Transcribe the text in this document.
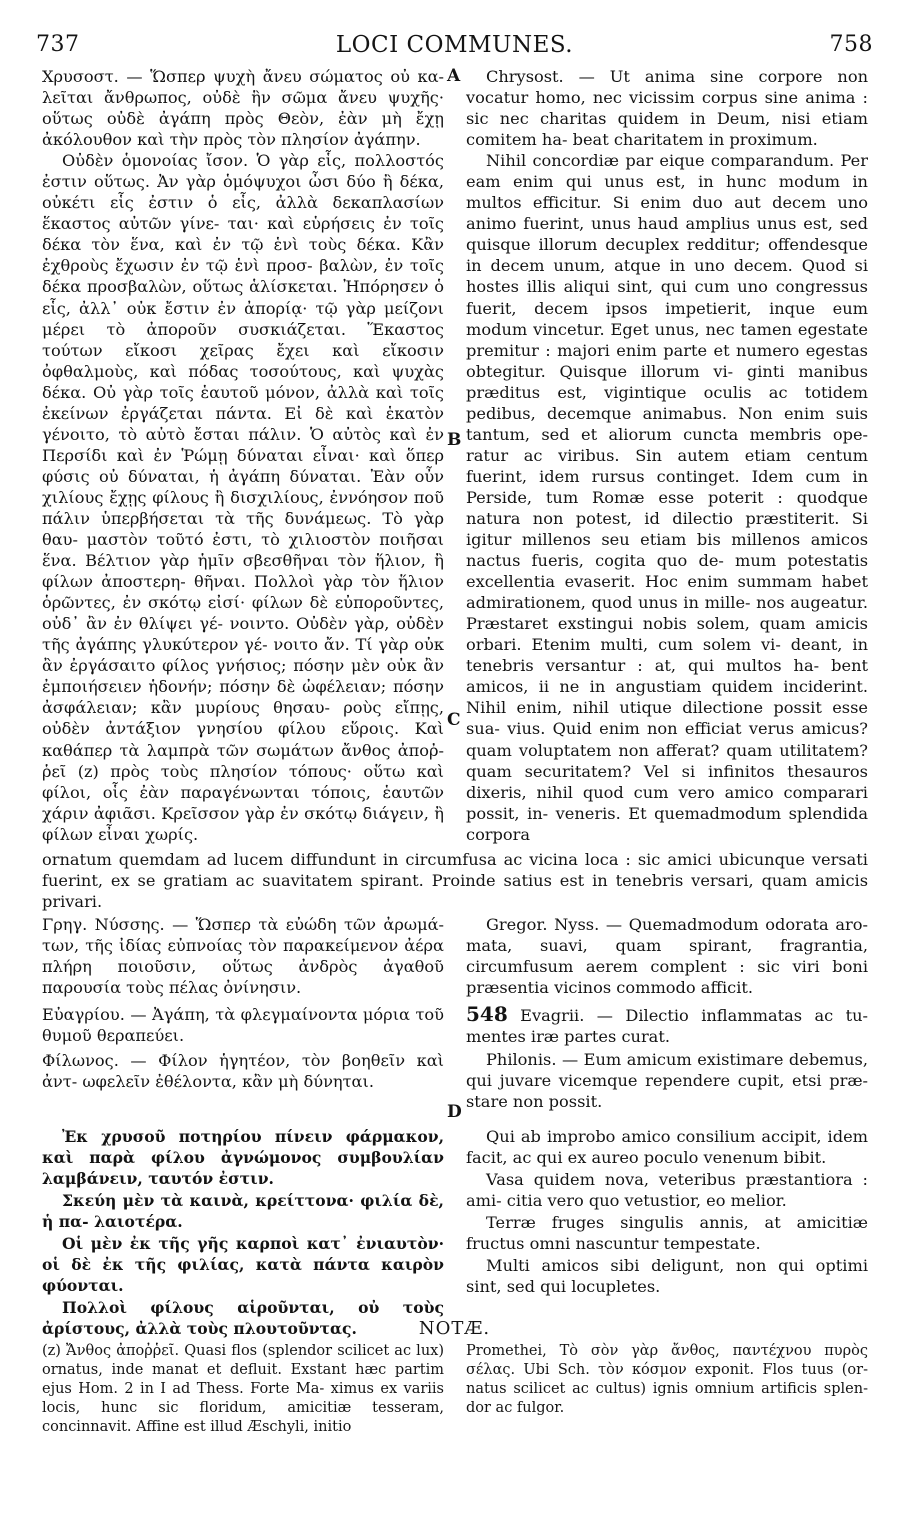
737	LOCI COMMUNES.	758

Χρυσοστ. — Ὥσπερ ψυχὴ ἄνευ σώματος οὐ κα- λεῖται ἄνθρωπος, οὐδὲ ἣν σῶμα ἄνευ ψυχῆς· οὕτως οὐδὲ ἀγάπη πρὸς Θεὸν, ἐὰν μὴ ἔχῃ ἀκόλουθον καὶ τὴν πρὸς τὸν πλησίον ἀγάπην.

Οὐδὲν ὁμονοίας ἴσον. Ὁ γὰρ εἷς, πολλοστός ἐστιν οὕτως. Ἀν γὰρ ὁμόψυχοι ὦσι δύο ἢ δέκα, οὐκέτι εἷς ἐστιν ὁ εἷς, ἀλλὰ δεκαπλασίων ἕκαστος αὐτῶν γίνε- ται· καὶ εὑρήσεις ἐν τοῖς δέκα τὸν ἕνα, καὶ ἐν τῷ ἑνὶ τοὺς δέκα. Κἂν ἐχθροὺς ἔχωσιν ἐν τῷ ἑνὶ προσ- βαλὼν, ἐν τοῖς δέκα προσβαλὼν, οὕτως ἁλίσκεται. Ἠπόρησεν ὁ εἷς, ἀλλ᾽ οὐκ ἔστιν ἐν ἀπορίᾳ· τῷ γὰρ μείζονι μέρει τὸ ἀποροῦν συσκιάζεται. Ἕκαστος τούτων εἴκοσι χεῖρας ἔχει καὶ εἴκοσιν ὀφθαλμοὺς, καὶ πόδας τοσούτους, καὶ ψυχὰς δέκα. Οὐ γὰρ τοῖς ἑαυτοῦ μόνον, ἀλλὰ καὶ τοῖς ἐκείνων ἐργάζεται πάντα. Εἰ δὲ καὶ ἑκατὸν γένοιτο, τὸ αὐτὸ ἔσται πάλιν. Ὁ αὐτὸς καὶ ἐν Περσίδι καὶ ἐν Ῥώμῃ δύναται εἶναι· καὶ ὅπερ φύσις οὐ δύναται, ἡ ἀγάπη δύναται. Ἐὰν οὖν χιλίους ἔχῃς φίλους ἢ δισχιλίους, ἐννόησον ποῦ πάλιν ὑπερβήσεται τὰ τῆς δυνάμεως. Τὸ γὰρ θαυ- μαστὸν τοῦτό ἐστι, τὸ χιλιοστὸν ποιῆσαι ἕνα. Βέλτιον γὰρ ἡμῖν σβεσθῆναι τὸν ἥλιον, ἢ φίλων ἀποστερη- θῆναι. Πολλοὶ γὰρ τὸν ἥλιον ὁρῶντες, ἐν σκότῳ εἰσί· φίλων δὲ εὐποροῦντες, οὐδ᾽ ἂν ἐν θλίψει γέ- νοιντο. Οὐδὲν γὰρ, οὐδὲν τῆς ἀγάπης γλυκύτερον γέ- νοιτο ἄν. Τί γὰρ οὐκ ἂν ἐργάσαιτο φίλος γνήσιος; πόσην μὲν οὐκ ἂν ἐμποιήσειεν ἡδονήν; πόσην δὲ ὠφέλειαν; πόσην ἀσφάλειαν; κἂν μυρίους θησαυ- ροὺς εἴπῃς, οὐδὲν ἀντάξιον γνησίου φίλου εὕροις. Καὶ καθάπερ τὰ λαμπρὰ τῶν σωμάτων ἄνθος ἀποῤ- ῥεῖ (z) πρὸς τοὺς πλησίον τόπους· οὕτω καὶ φίλοι, οἷς ἐὰν παραγένωνται τόποις, ἑαυτῶν χάριν ἀφιᾶσι. Κρεῖσσον γὰρ ἐν σκότῳ διάγειν, ἢ φίλων εἶναι χωρίς.

Chrysost. — Ut anima sine corpore non vocatur homo, nec vicissim corpus sine anima : sic nec charitas quidem in Deum, nisi etiam comitem ha- beat charitatem in proximum.

Nihil concordiæ par eique comparandum. Per eam enim qui unus est, in hunc modum in multos efficitur. Si enim duo aut decem uno animo fuerint, unus haud amplius unus est, sed quisque illorum decuplex redditur; offendesque in decem unum, atque in uno decem. Quod si hostes illis aliqui sint, qui cum uno congressus fuerit, decem ipsos impetierit, inque eum modum vincetur. Eget unus, nec tamen egestate premitur : majori enim parte et numero egestas obtegitur. Quisque illorum vi- ginti manibus præditus est, vigintique oculis ac totidem pedibus, decemque animabus. Non enim suis tantum, sed et aliorum cuncta membris ope- ratur ac viribus. Sin autem etiam centum fuerint, idem rursus continget. Idem cum in Perside, tum Romæ esse poterit : quodque natura non potest, id dilectio præstiterit. Si igitur millenos seu etiam bis millenos amicos nactus fueris, cogita quo de- mum potestatis excellentia evaserit. Hoc enim summam habet admirationem, quod unus in mille- nos augeatur. Præstaret exstingui nobis solem, quam amicis orbari. Etenim multi, cum solem vi- deant, in tenebris versantur : at, qui multos ha- bent amicos, ii ne in angustiam quidem inciderint. Nihil enim, nihil utique dilectione possit esse sua- vius. Quid enim non efficiat verus amicus? quam voluptatem non afferat? quam utilitatem? quam securitatem? Vel si infinitos thesauros dixeris, nihil quod cum vero amico comparari possit, in- veneris. Et quemadmodum splendida corpora

A
B
C
ornatum quemdam ad lucem diffundunt in circumfusa ac vicina loca : sic amici ubicunque versati fuerint, ex se gratiam ac suavitatem spirant. Proinde satius est in tenebris versari, quam amicis privari.

Γρηγ. Νύσσης. — Ὥσπερ τὰ εὐώδη τῶν ἀρωμά- των, τῆς ἰδίας εὐπνοίας τὸν παρακείμενον ἀέρα πλήρη ποιοῦσιν, οὕτως ἀνδρὸς ἀγαθοῦ παρουσία τοὺς πέλας ὀνίνησιν.

Εὐαγρίου. — Ἀγάπη, τὰ φλεγμαίνοντα μόρια τοῦ θυμοῦ θεραπεύει.

Φίλωνος. — Φίλον ἡγητέον, τὸν βοηθεῖν καὶ ἀντ- ωφελεῖν ἐθέλοντα, κἂν μὴ δύνηται.

Gregor. Nyss. — Quemadmodum odorata aro- mata, suavi, quam spirant, fragrantia, circumfusum aerem complent : sic viri boni præsentia vicinos commodo afficit.

548 Evagrii. — Dilectio inflammatas ac tu- mentes iræ partes curat.

Philonis. — Eum amicum existimare debemus, qui juvare vicemque rependere cupit, etsi præ- stare non possit.

D

Ἐκ χρυσοῦ ποτηρίου πίνειν φάρμακον, καὶ παρὰ φίλου ἀγνώμονος συμβουλίαν λαμβάνειν, ταυτόν ἐστιν.

Σκεύη μὲν τὰ καινὰ, κρείττονα· φιλία δὲ, ἡ πα- λαιοτέρα.

Οἱ μὲν ἐκ τῆς γῆς καρποὶ κατ᾽ ἐνιαυτὸν· οἱ δὲ ἐκ τῆς φιλίας, κατὰ πάντα καιρὸν φύονται.

Πολλοὶ φίλους αἱροῦνται, οὐ τοὺς ἀρίστους, ἀλλὰ τοὺς πλουτοῦντας.

Qui ab improbo amico consilium accipit, idem facit, ac qui ex aureo poculo venenum bibit.

Vasa quidem nova, veteribus præstantiora : ami- citia vero quo vetustior, eo melior.

Terræ fruges singulis annis, at amicitiæ fructus omni nascuntur tempestate.

Multi amicos sibi deligunt, non qui optimi sint, sed qui locupletes.

NOTÆ.
(z) Ἄνθος ἀποῤῥεῖ. Quasi flos (splendor scilicet ac lux) ornatus, inde manat et defluit. Exstant hæc partim ejus Hom. 2 in I ad Thess. Forte Ma- ximus ex variis locis, hunc sic floridum, amicitiæ tesseram, concinnavit. Affine est illud Æschyli, initio
Promethei, Τὸ σὸν γὰρ ἄνθος, παντέχνου πυρὸς σέλας. Ubi Sch. τὸν κόσμον exponit. Flos tuus (or- natus scilicet ac cultus) ignis omnium artificis splen- dor ac fulgor.
